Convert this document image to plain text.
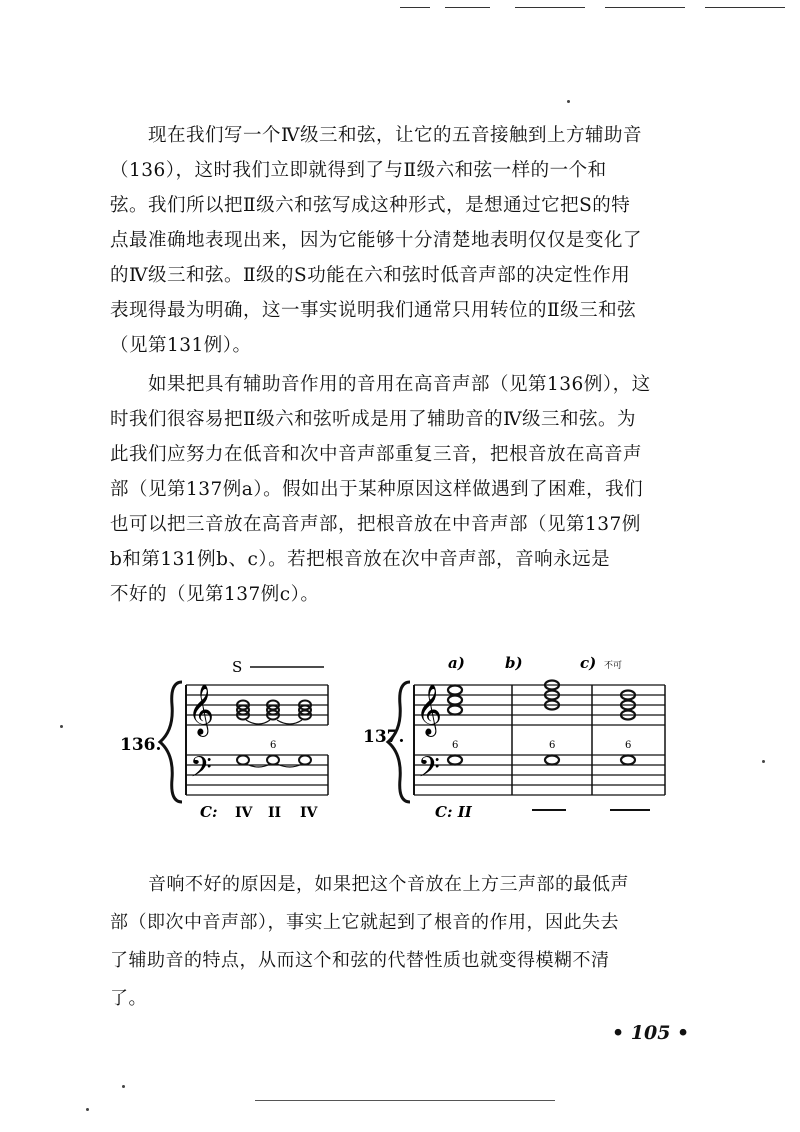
现在我们写一个Ⅳ级三和弦，让它的五音接触到上方辅助音
（136），这时我们立即就得到了与Ⅱ级六和弦一样的一个和
弦。我们所以把Ⅱ级六和弦写成这种形式，是想通过它把S的特
点最准确地表现出来，因为它能够十分清楚地表明仅仅是变化了
的Ⅳ级三和弦。Ⅱ级的S功能在六和弦时低音声部的决定性作用
表现得最为明确，这一事实说明我们通常只用转位的Ⅱ级三和弦
（见第131例）。
如果把具有辅助音作用的音用在高音声部（见第136例），这
时我们很容易把Ⅱ级六和弦听成是用了辅助音的Ⅳ级三和弦。为
此我们应努力在低音和次中音声部重复三音，把根音放在高音声
部（见第137例a）。假如出于某种原因这样做遇到了困难，我们
也可以把三音放在高音声部，把根音放在中音声部（见第137例
b和第131例b、c）。若把根音放在次中音声部，音响永远是
不好的（见第137例c）。
136.
𝄞
𝄢
S
6
C: IV II IV
137.
𝄞
𝄢
a)	b)	c) 不可
6	6	6
C: II
音响不好的原因是，如果把这个音放在上方三声部的最低声
部（即次中音声部），事实上它就起到了根音的作用，因此失去
了辅助音的特点，从而这个和弦的代替性质也就变得模糊不清
了。
• 105 •
